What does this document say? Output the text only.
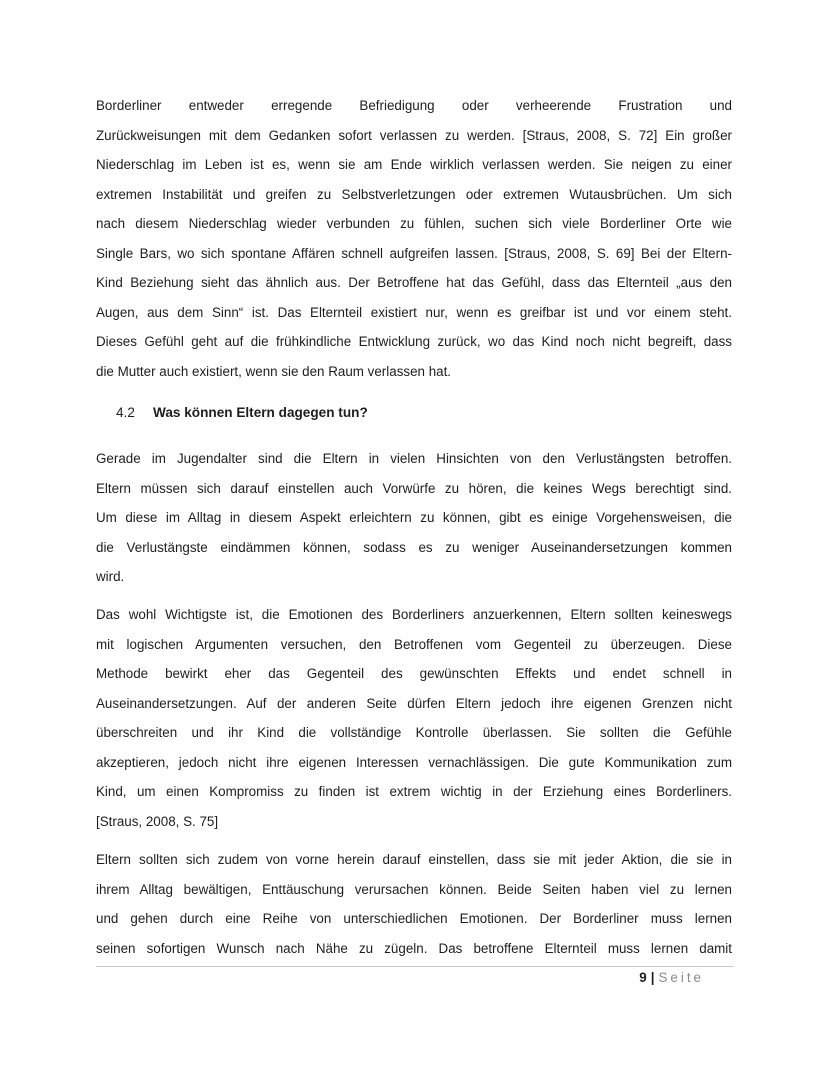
Borderliner entweder erregende Befriedigung oder verheerende Frustration und
Zurückweisungen mit dem Gedanken sofort verlassen zu werden. [Straus, 2008, S. 72] Ein großer
Niederschlag im Leben ist es, wenn sie am Ende wirklich verlassen werden. Sie neigen zu einer
extremen Instabilität und greifen zu Selbstverletzungen oder extremen Wutausbrüchen. Um sich
nach diesem Niederschlag wieder verbunden zu fühlen, suchen sich viele Borderliner Orte wie
Single Bars, wo sich spontane Affären schnell aufgreifen lassen. [Straus, 2008, S. 69] Bei der Eltern-
Kind Beziehung sieht das ähnlich aus. Der Betroffene hat das Gefühl, dass das Elternteil „aus den
Augen, aus dem Sinn“ ist. Das Elternteil existiert nur, wenn es greifbar ist und vor einem steht.
Dieses Gefühl geht auf die frühkindliche Entwicklung zurück, wo das Kind noch nicht begreift, dass
die Mutter auch existiert, wenn sie den Raum verlassen hat.
4.2 Was können Eltern dagegen tun?
Gerade im Jugendalter sind die Eltern in vielen Hinsichten von den Verlustängsten betroffen.
Eltern müssen sich darauf einstellen auch Vorwürfe zu hören, die keines Wegs berechtigt sind.
Um diese im Alltag in diesem Aspekt erleichtern zu können, gibt es einige Vorgehensweisen, die
die Verlustängste eindämmen können, sodass es zu weniger Auseinandersetzungen kommen
wird.
Das wohl Wichtigste ist, die Emotionen des Borderliners anzuerkennen, Eltern sollten keineswegs
mit logischen Argumenten versuchen, den Betroffenen vom Gegenteil zu überzeugen. Diese
Methode bewirkt eher das Gegenteil des gewünschten Effekts und endet schnell in
Auseinandersetzungen. Auf der anderen Seite dürfen Eltern jedoch ihre eigenen Grenzen nicht
überschreiten und ihr Kind die vollständige Kontrolle überlassen. Sie sollten die Gefühle
akzeptieren, jedoch nicht ihre eigenen Interessen vernachlässigen. Die gute Kommunikation zum
Kind, um einen Kompromiss zu finden ist extrem wichtig in der Erziehung eines Borderliners.
[Straus, 2008, S. 75]
Eltern sollten sich zudem von vorne herein darauf einstellen, dass sie mit jeder Aktion, die sie in
ihrem Alltag bewältigen, Enttäuschung verursachen können. Beide Seiten haben viel zu lernen
und gehen durch eine Reihe von unterschiedlichen Emotionen. Der Borderliner muss lernen
seinen sofortigen Wunsch nach Nähe zu zügeln. Das betroffene Elternteil muss lernen damit
9 | Seite
